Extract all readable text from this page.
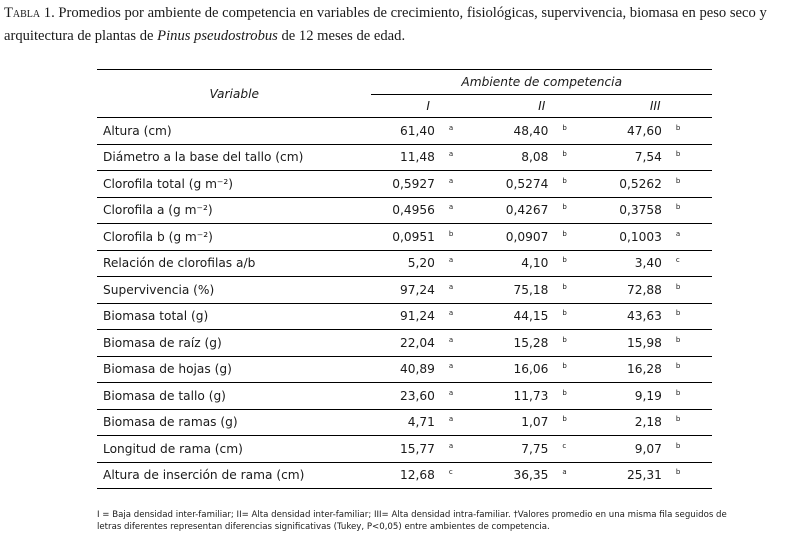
Tabla 1. Promedios por ambiente de competencia en variables de crecimiento, fisiológicas, supervivencia, biomasa en peso seco y arquitectura de plantas de Pinus pseudostrobus de 12 meses de edad.

Variable	Ambiente de competencia					
	I		II		III	

Altura (cm)	61,40	a	48,40	b	47,60	b
Diámetro a la base del tallo (cm)	11,48	a	8,08	b	7,54	b
Clorofila total (g m⁻²)	0,5927	a	0,5274	b	0,5262	b
Clorofila a (g m⁻²)	0,4956	a	0,4267	b	0,3758	b
Clorofila b (g m⁻²)	0,0951	b	0,0907	b	0,1003	a
Relación de clorofilas a/b	5,20	a	4,10	b	3,40	c
Supervivencia (%)	97,24	a	75,18	b	72,88	b
Biomasa total (g)	91,24	a	44,15	b	43,63	b
Biomasa de raíz (g)	22,04	a	15,28	b	15,98	b
Biomasa de hojas (g)	40,89	a	16,06	b	16,28	b
Biomasa de tallo (g)	23,60	a	11,73	b	9,19	b
Biomasa de ramas (g)	4,71	a	1,07	b	2,18	b
Longitud de rama (cm)	15,77	a	7,75	c	9,07	b
Altura de inserción de rama (cm)	12,68	c	36,35	a	25,31	b
I = Baja densidad inter-familiar; II= Alta densidad inter-familiar; III= Alta densidad intra-familiar. †Valores promedio en una misma fila seguidos de letras diferentes representan diferencias significativas (Tukey, P<0,05) entre ambientes de competencia.
